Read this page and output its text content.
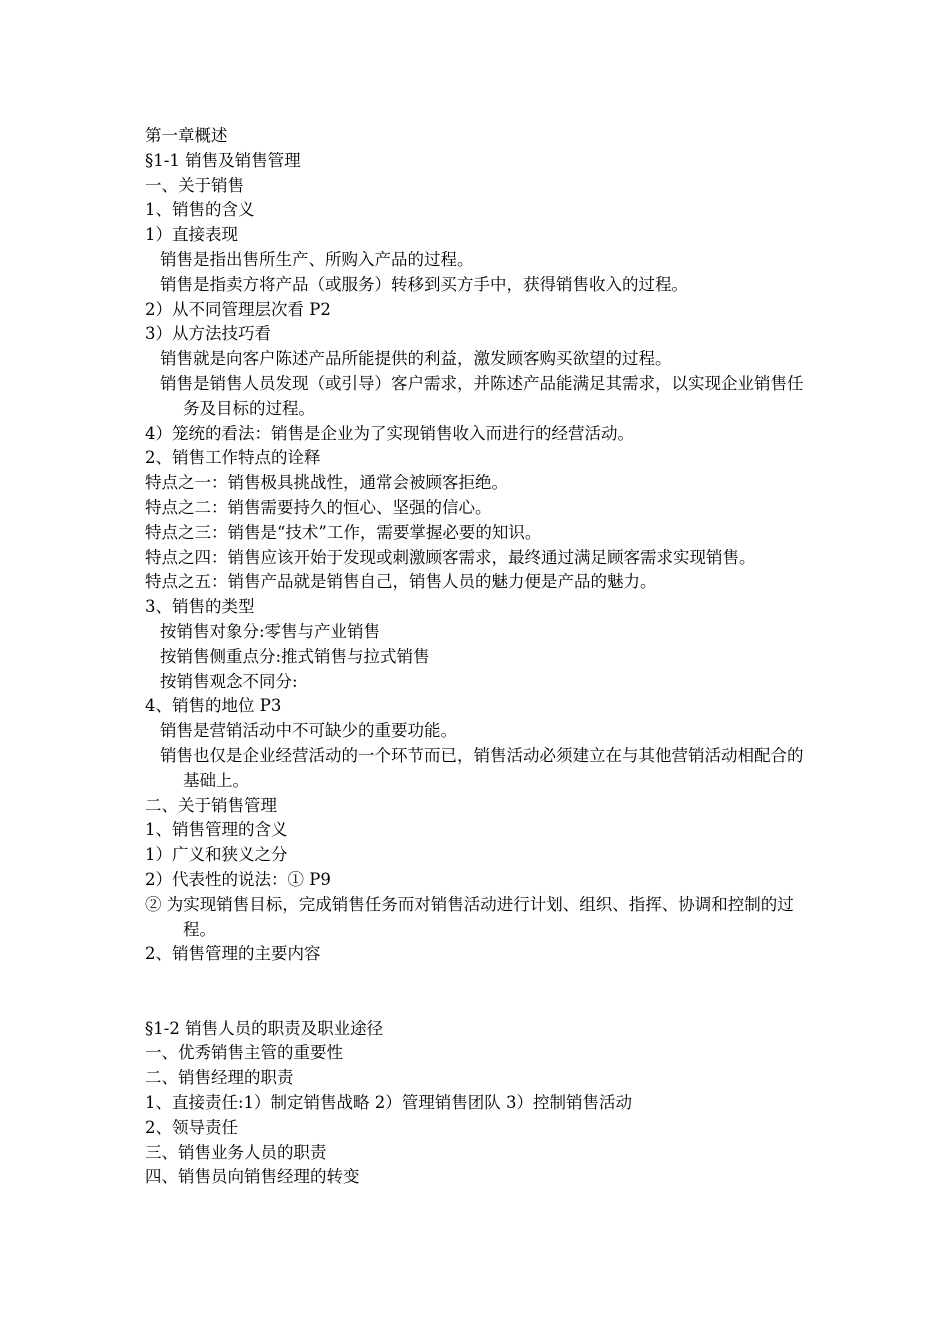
第一章概述
§1-1 销售及销售管理
一、关于销售
1、销售的含义
1）直接表现
销售是指出售所生产、所购入产品的过程。
销售是指卖方将产品（或服务）转移到买方手中，获得销售收入的过程。
2）从不同管理层次看 P2
3）从方法技巧看
销售就是向客户陈述产品所能提供的利益，激发顾客购买欲望的过程。
销售是销售人员发现（或引导）客户需求，并陈述产品能满足其需求，以实现企业销售任务及目标的过程。
4）笼统的看法：销售是企业为了实现销售收入而进行的经营活动。
2、销售工作特点的诠释
特点之一：销售极具挑战性，通常会被顾客拒绝。
特点之二：销售需要持久的恒心、坚强的信心。
特点之三：销售是“技术”工作，需要掌握必要的知识。
特点之四：销售应该开始于发现或刺激顾客需求，最终通过满足顾客需求实现销售。
特点之五：销售产品就是销售自己，销售人员的魅力便是产品的魅力。
3、销售的类型
按销售对象分:零售与产业销售
按销售侧重点分:推式销售与拉式销售
按销售观念不同分:
4、销售的地位 P3
销售是营销活动中不可缺少的重要功能。
销售也仅是企业经营活动的一个环节而已，销售活动必须建立在与其他营销活动相配合的基础上。
二、关于销售管理
1、销售管理的含义
1）广义和狭义之分
2）代表性的说法：① P9
② 为实现销售目标，完成销售任务而对销售活动进行计划、组织、指挥、协调和控制的过程。
2、销售管理的主要内容
§1-2 销售人员的职责及职业途径
一、优秀销售主管的重要性
二、销售经理的职责
1、直接责任:1）制定销售战略 2）管理销售团队 3）控制销售活动
2、领导责任
三、销售业务人员的职责
四、销售员向销售经理的转变
